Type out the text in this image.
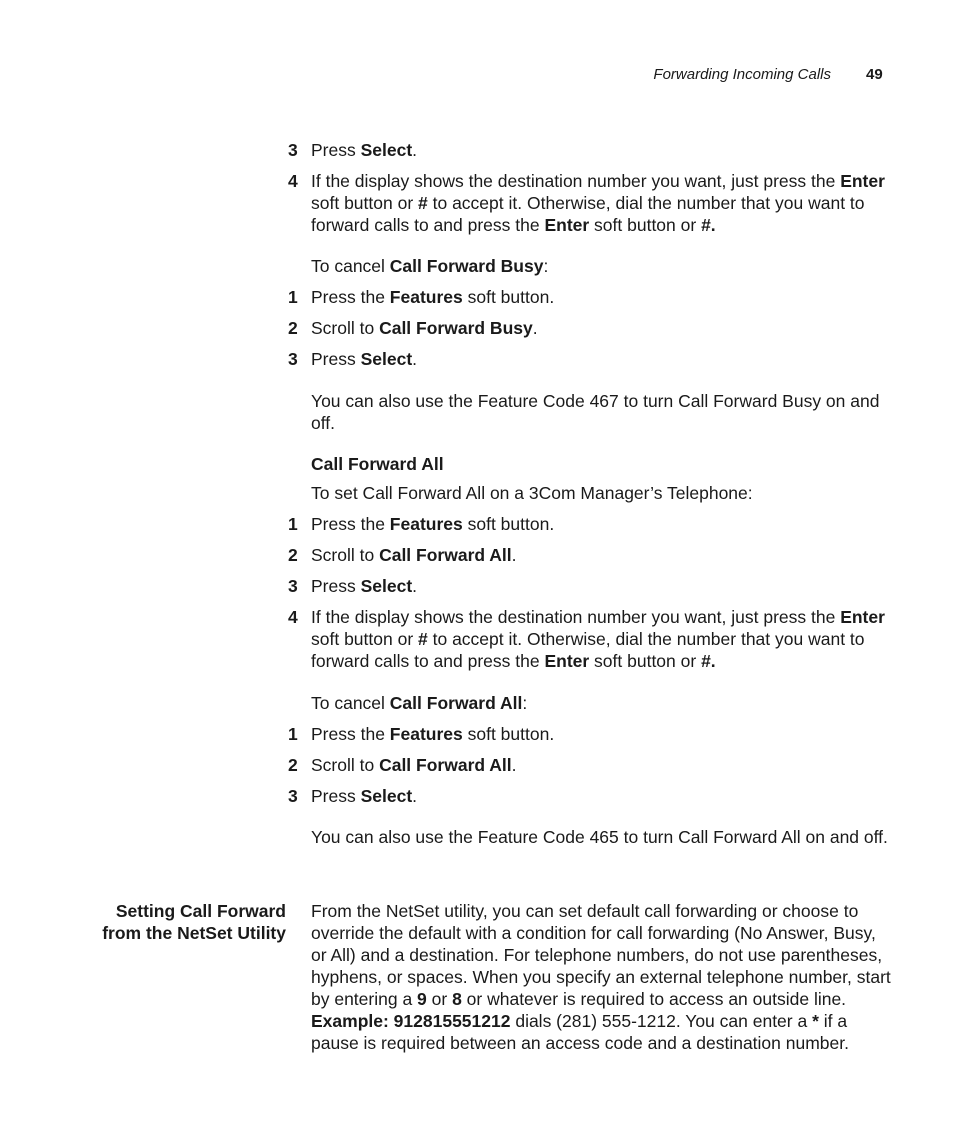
Forwarding Incoming Calls 49
3 Press Select.
4 If the display shows the destination number you want, just press the Enter soft button or # to accept it. Otherwise, dial the number that you want to forward calls to and press the Enter soft button or #.
To cancel Call Forward Busy:
1 Press the Features soft button.
2 Scroll to Call Forward Busy.
3 Press Select.
You can also use the Feature Code 467 to turn Call Forward Busy on and off.
Call Forward All
To set Call Forward All on a 3Com Manager’s Telephone:
1 Press the Features soft button.
2 Scroll to Call Forward All.
3 Press Select.
4 If the display shows the destination number you want, just press the Enter soft button or # to accept it. Otherwise, dial the number that you want to forward calls to and press the Enter soft button or #.
To cancel Call Forward All:
1 Press the Features soft button.
2 Scroll to Call Forward All.
3 Press Select.
You can also use the Feature Code 465 to turn Call Forward All on and off.
Setting Call Forward from the NetSet Utility
From the NetSet utility, you can set default call forwarding or choose to override the default with a condition for call forwarding (No Answer, Busy, or All) and a destination. For telephone numbers, do not use parentheses, hyphens, or spaces. When you specify an external telephone number, start by entering a 9 or 8 or whatever is required to access an outside line. Example: 912815551212 dials (281) 555-1212. You can enter a * if a pause is required between an access code and a destination number.
